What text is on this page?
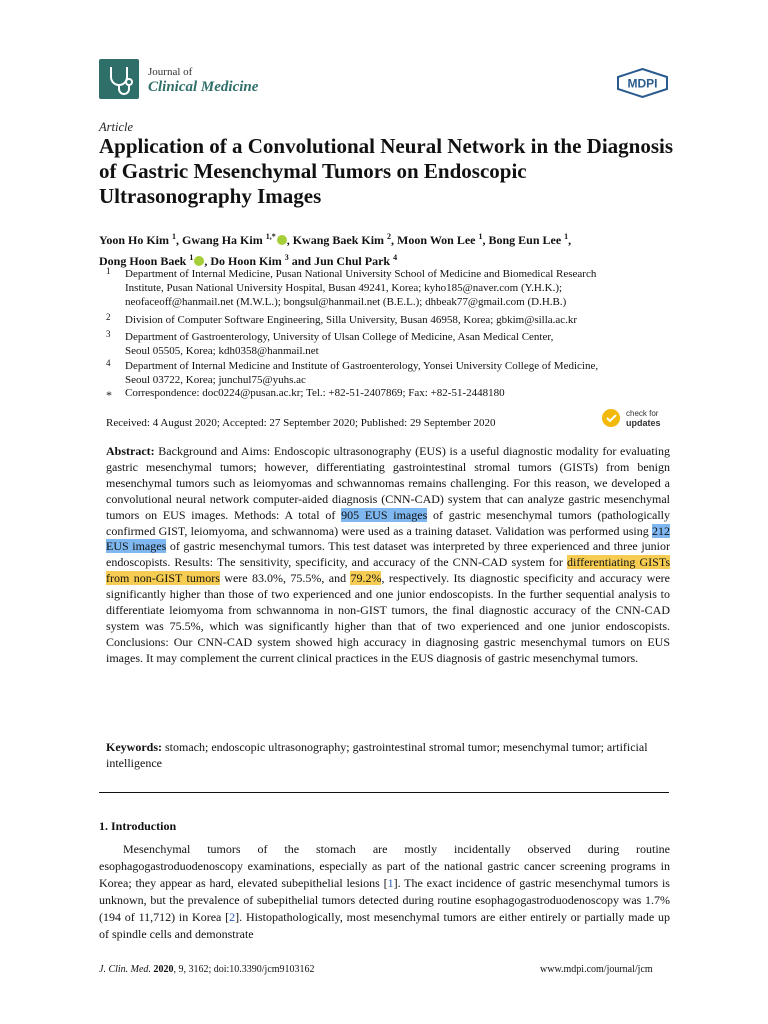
Journal of
Clinical Medicine	MDPI
Article
Application of a Convolutional Neural Network in the Diagnosis of Gastric Mesenchymal Tumors on Endoscopic Ultrasonography Images
Yoon Ho Kim $^1$, Gwang Ha Kim $^{1,*}$ , Kwang Baek Kim $^2$, Moon Won Lee $^1$, Bong Eun Lee $^1$,
Dong Hoon Baek $^1$ , Do Hoon Kim $^3$ and Jun Chul Park $^4$
1 Department of Internal Medicine, Pusan National University School of Medicine and Biomedical Research
Institute, Pusan National University Hospital, Busan 49241, Korea; kyho185@naver.com (Y.H.K.);
neofaceoff@hanmail.net (M.W.L.); bongsul@hanmail.net (B.E.L.); dhbeak77@gmail.com (D.H.B.)
2 Division of Computer Software Engineering, Silla University, Busan 46958, Korea; gbkim@silla.ac.kr
3 Department of Gastroenterology, University of Ulsan College of Medicine, Asan Medical Center,
Seoul 05505, Korea; kdh0358@hanmail.net
4 Department of Internal Medicine and Institute of Gastroenterology, Yonsei University College of Medicine,
Seoul 03722, Korea; junchul75@yuhs.ac
* Correspondence: doc0224@pusan.ac.kr; Tel.: +82-51-2407869; Fax: +82-51-2448180
Received: 4 August 2020; Accepted: 27 September 2020; Published: 29 September 2020
check for
updates
Abstract: Background and Aims: Endoscopic ultrasonography (EUS) is a useful diagnostic modality for evaluating gastric mesenchymal tumors; however, differentiating gastrointestinal stromal tumors (GISTs) from benign mesenchymal tumors such as leiomyomas and schwannomas remains challenging. For this reason, we developed a convolutional neural network computer-aided diagnosis (CNN-CAD) system that can analyze gastric mesenchymal tumors on EUS images. Methods: A total of 905 EUS images of gastric mesenchymal tumors (pathologically confirmed GIST, leiomyoma, and schwannoma) were used as a training dataset. Validation was performed using 212 EUS images of gastric mesenchymal tumors. This test dataset was interpreted by three experienced and three junior endoscopists. Results: The sensitivity, specificity, and accuracy of the CNN-CAD system for differentiating GISTs from non-GIST tumors were 83.0%, 75.5%, and 79.2%, respectively. Its diagnostic specificity and accuracy were significantly higher than those of two experienced and one junior endoscopists. In the further sequential analysis to differentiate leiomyoma from schwannoma in non-GIST tumors, the final diagnostic accuracy of the CNN-CAD system was 75.5%, which was significantly higher than that of two experienced and one junior endoscopists. Conclusions: Our CNN-CAD system showed high accuracy in diagnosing gastric mesenchymal tumors on EUS images. It may complement the current clinical practices in the EUS diagnosis of gastric mesenchymal tumors.
Keywords: stomach; endoscopic ultrasonography; gastrointestinal stromal tumor; mesenchymal tumor; artificial intelligence
1. Introduction
Mesenchymal tumors of the stomach are mostly incidentally observed during routine esophagogastroduodenoscopy examinations, especially as part of the national gastric cancer screening programs in Korea; they appear as hard, elevated subepithelial lesions [1]. The exact incidence of gastric mesenchymal tumors is unknown, but the prevalence of subepithelial tumors detected during routine esophagogastroduodenoscopy was 1.7% (194 of 11,712) in Korea [2]. Histopathologically, most mesenchymal tumors are either entirely or partially made up of spindle cells and demonstrate
J. Clin. Med. 2020, 9, 3162; doi:10.3390/jcm9103162	www.mdpi.com/journal/jcm
